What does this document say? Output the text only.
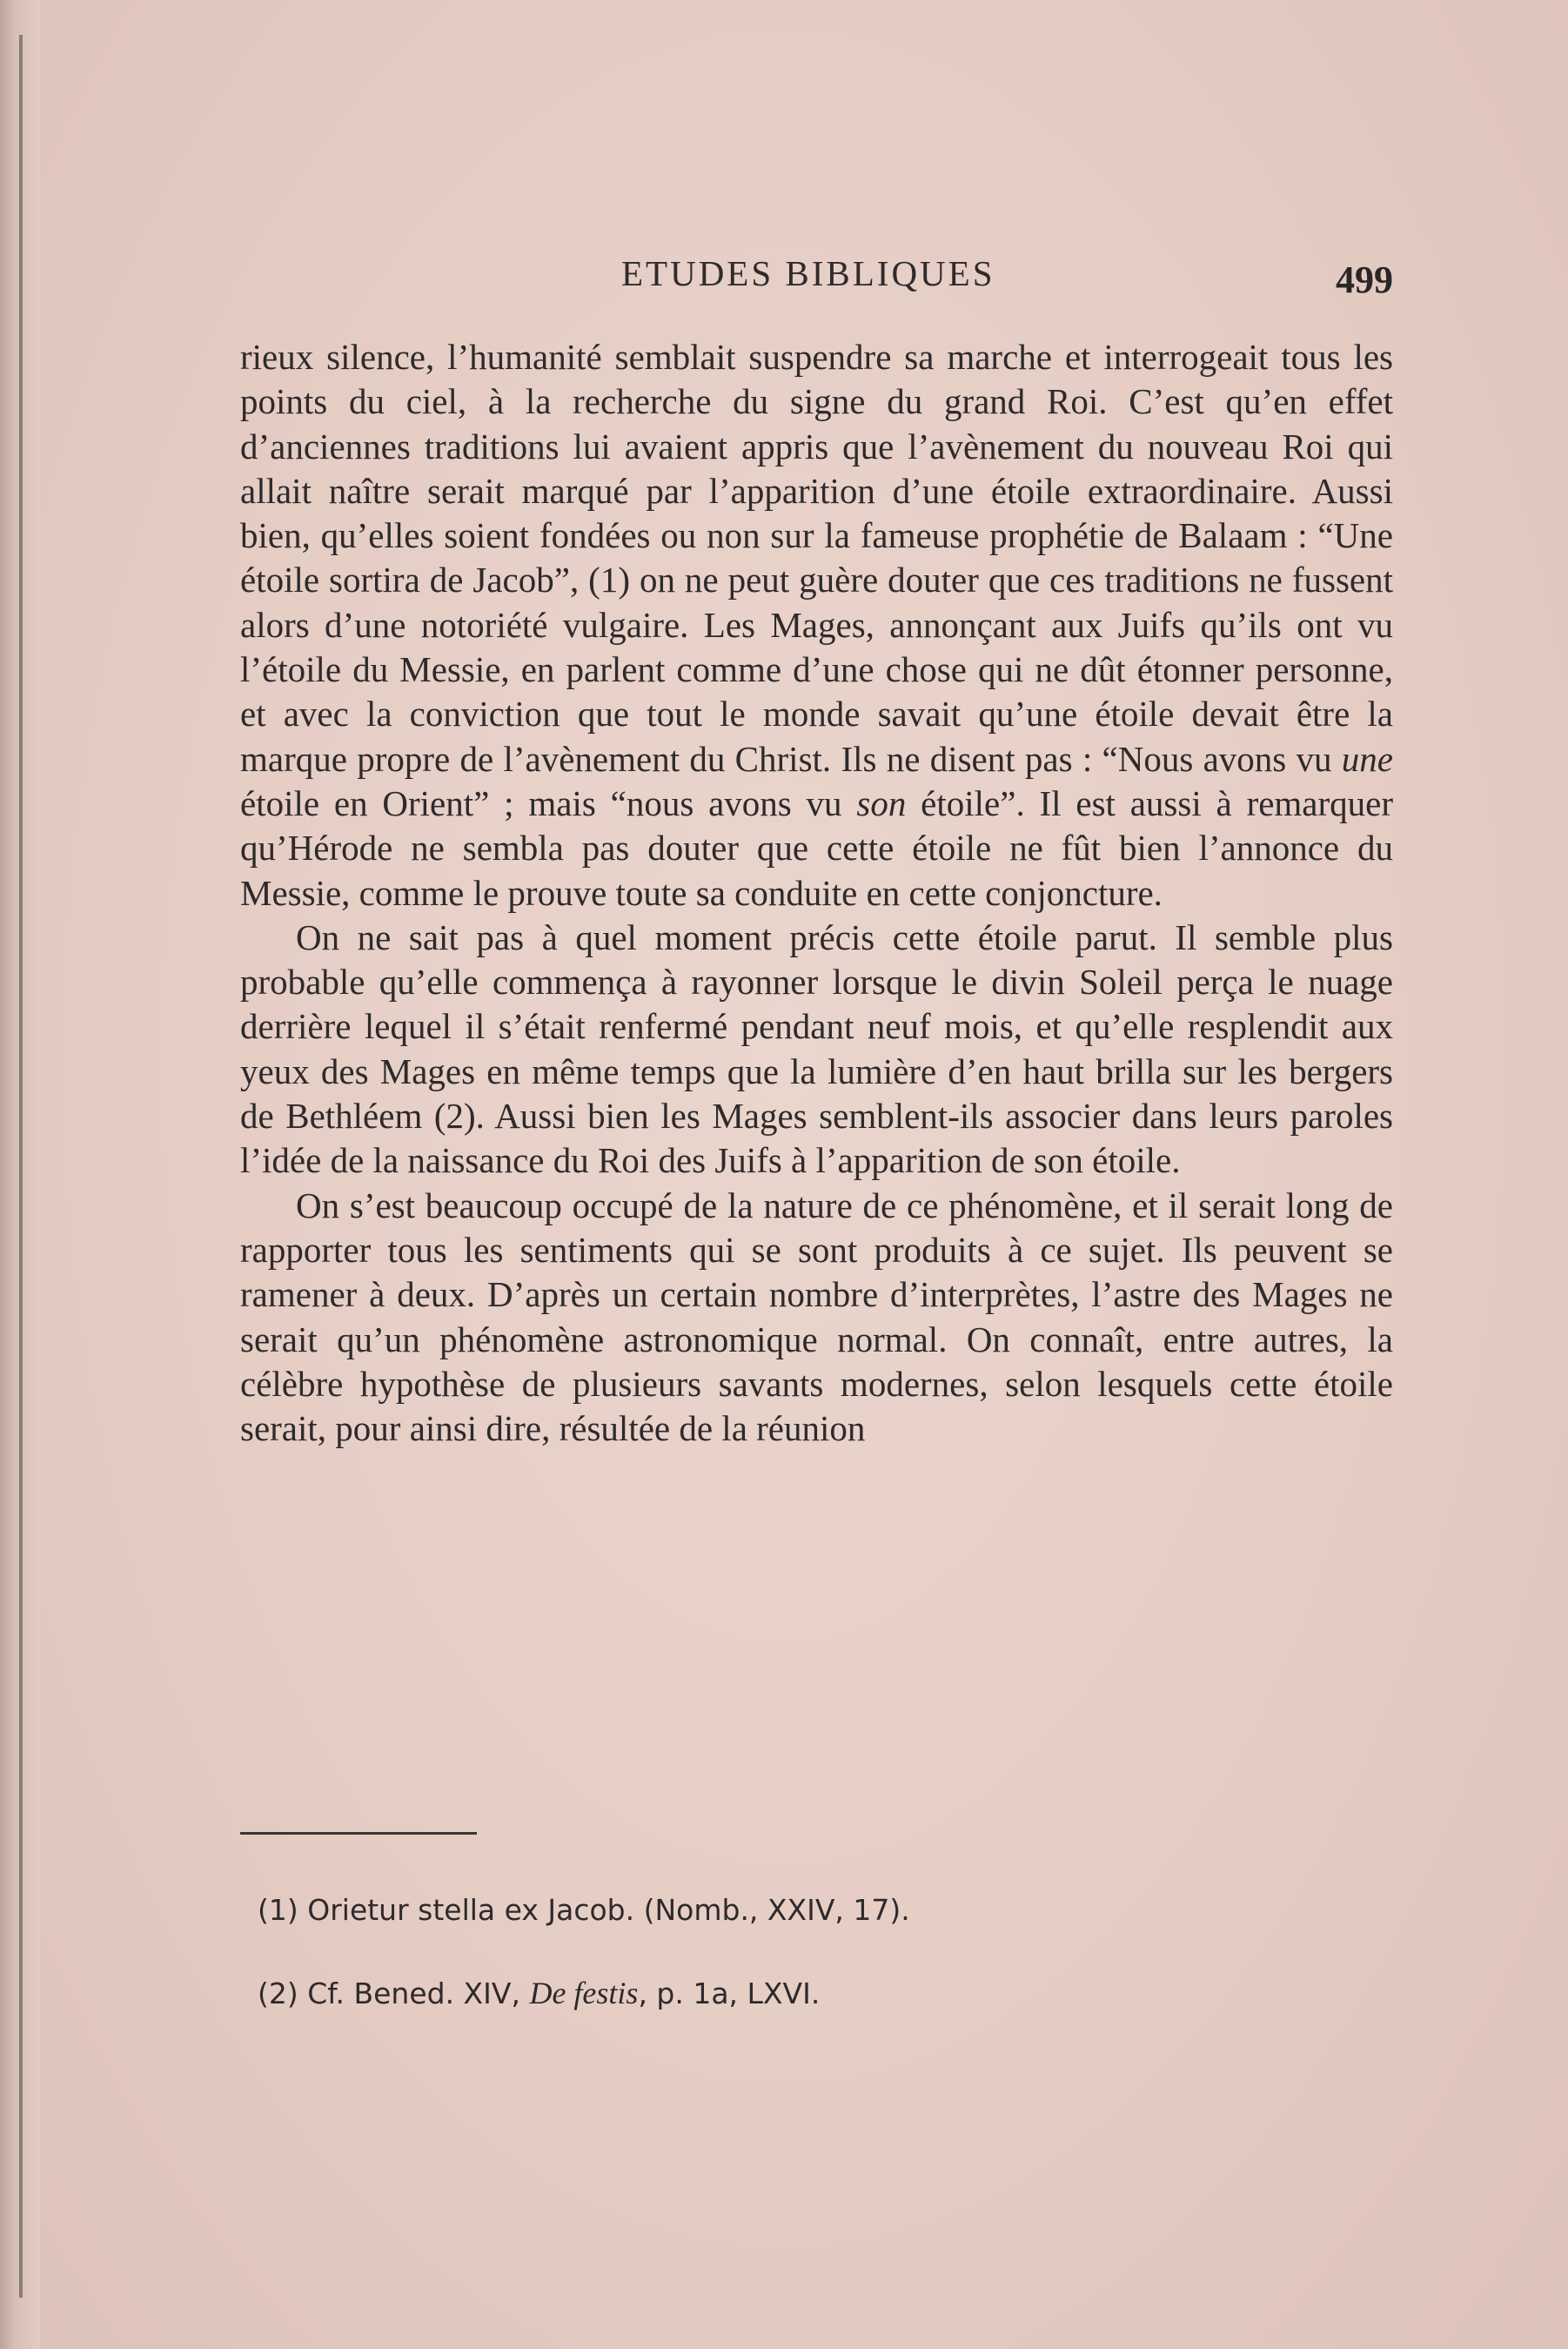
ETUDES BIBLIQUES	499

rieux silence, l’humanité semblait suspendre sa marche et interrogeait tous les points du ciel, à la recherche du signe du grand Roi. C’est qu’en effet d’anciennes traditions lui avaient appris que l’avènement du nouveau Roi qui allait naître serait marqué par l’apparition d’une étoile extraordinaire. Aussi bien, qu’elles soient fondées ou non sur la fameuse prophétie de Balaam : “Une étoile sortira de Jacob”, (1) on ne peut guère douter que ces traditions ne fussent alors d’une notoriété vulgaire. Les Mages, annonçant aux Juifs qu’ils ont vu l’étoile du Messie, en parlent comme d’une chose qui ne dût étonner personne, et avec la conviction que tout le monde savait qu’une étoile devait être la marque propre de l’avènement du Christ. Ils ne disent pas : “Nous avons vu une étoile en Orient” ; mais “nous avons vu son étoile”. Il est aussi à remarquer qu’Hérode ne sembla pas douter que cette étoile ne fût bien l’annonce du Messie, comme le prouve toute sa conduite en cette conjoncture.

On ne sait pas à quel moment précis cette étoile parut. Il semble plus probable qu’elle commença à rayonner lorsque le divin Soleil perça le nuage derrière lequel il s’était renfermé pendant neuf mois, et qu’elle resplendit aux yeux des Mages en même temps que la lumière d’en haut brilla sur les bergers de Bethléem (2). Aussi bien les Mages semblent-ils associer dans leurs paroles l’idée de la naissance du Roi des Juifs à l’apparition de son étoile.

On s’est beaucoup occupé de la nature de ce phénomène, et il serait long de rapporter tous les sentiments qui se sont produits à ce sujet. Ils peuvent se ramener à deux. D’après un certain nombre d’interprètes, l’astre des Mages ne serait qu’un phénomène astronomique normal. On connaît, entre autres, la célèbre hypothèse de plusieurs savants modernes, selon lesquels cette étoile serait, pour ainsi dire, résultée de la réunion

(1) Orietur stella ex Jacob. (Nomb., XXIV, 17).
(2) Cf. Bened. XIV, De festis, p. 1a, LXVI.
